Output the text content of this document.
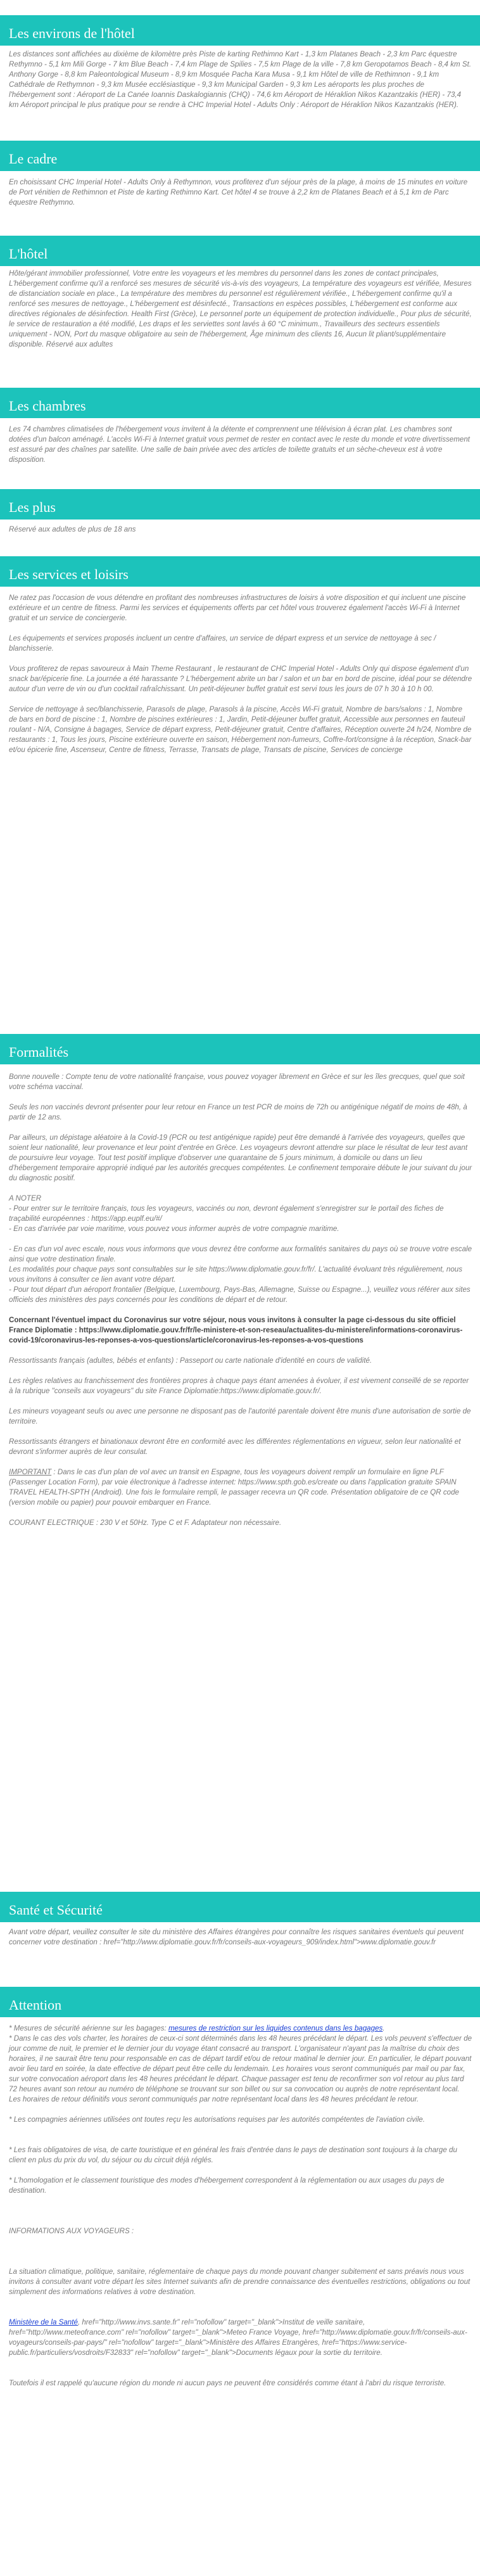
Les environs de l'hôtel

Les distances sont affichées au dixième de kilomètre près Piste de karting Rethimno Kart - 1,3 km Platanes Beach - 2,3 km Parc équestre Rethymno - 5,1 km Mili Gorge - 7 km Blue Beach - 7,4 km Plage de Spilies - 7,5 km Plage de la ville - 7,8 km Geropotamos Beach - 8,4 km St. Anthony Gorge - 8,8 km Paleontological Museum - 8,9 km Mosquée Pacha Kara Musa - 9,1 km Hôtel de ville de Rethimnon - 9,1 km Cathédrale de Rethymnon - 9,3 km Musée ecclésiastique - 9,3 km Municipal Garden - 9,3 km Les aéroports les plus proches de l'hébergement sont : Aéroport de La Canée Ioannis Daskalogiannis (CHQ) - 74,6 km Aéroport de Héraklion Nikos Kazantzakis (HER) - 73,4 km Aéroport principal le plus pratique pour se rendre à CHC Imperial Hotel - Adults Only : Aéroport de Héraklion Nikos Kazantzakis (HER).

Le cadre

En choisissant CHC Imperial Hotel - Adults Only à Rethymnon, vous profiterez d'un séjour près de la plage, à moins de 15 minutes en voiture de Port vénitien de Rethimnon et Piste de karting Rethimno Kart. Cet hôtel 4 se trouve à 2,2 km de Platanes Beach et à 5,1 km de Parc équestre Rethymno.

L'hôtel

Hôte/gérant immobilier professionnel, Votre entre les voyageurs et les membres du personnel dans les zones de contact principales, L'hébergement confirme qu'il a renforcé ses mesures de sécurité vis-à-vis des voyageurs, La température des voyageurs est vérifiée, Mesures de distanciation sociale en place., La température des membres du personnel est régulièrement vérifiée., L'hébergement confirme qu'il a renforcé ses mesures de nettoyage., L'hébergement est désinfecté., Transactions en espèces possibles, L'hébergement est conforme aux directives régionales de désinfection. Health First (Grèce), Le personnel porte un équipement de protection individuelle., Pour plus de sécurité, le service de restauration a été modifié, Les draps et les serviettes sont lavés à 60 °C minimum., Travailleurs des secteurs essentiels uniquement - NON, Port du masque obligatoire au sein de l'hébergement, Âge minimum des clients 16, Aucun lit pliant/supplémentaire disponible. Réservé aux adultes

Les chambres

Les 74 chambres climatisées de l'hébergement vous invitent à la détente et comprennent une télévision à écran plat. Les chambres sont dotées d'un balcon aménagé. L'accès Wi-Fi à Internet gratuit vous permet de rester en contact avec le reste du monde et votre divertissement est assuré par des chaînes par satellite. Une salle de bain privée avec des articles de toilette gratuits et un sèche-cheveux est à votre disposition.

Les plus

Réservé aux adultes de plus de 18 ans

Les services et loisirs

Ne ratez pas l'occasion de vous détendre en profitant des nombreuses infrastructures de loisirs à votre disposition et qui incluent une piscine extérieure et un centre de fitness. Parmi les services et équipements offerts par cet hôtel vous trouverez également l'accès Wi-Fi à Internet gratuit et un service de conciergerie.

Les équipements et services proposés incluent un centre d'affaires, un service de départ express et un service de nettoyage à sec / blanchisserie.

Vous profiterez de repas savoureux à Main Theme Restaurant , le restaurant de CHC Imperial Hotel - Adults Only qui dispose également d'un snack bar/épicerie fine. La journée a été harassante ? L'hébergement abrite un bar / salon et un bar en bord de piscine, idéal pour se détendre autour d'un verre de vin ou d'un cocktail rafraîchissant. Un petit-déjeuner buffet gratuit est servi tous les jours de 07 h 30 à 10 h 00.

Service de nettoyage à sec/blanchisserie, Parasols de plage, Parasols à la piscine, Accès Wi-Fi gratuit, Nombre de bars/salons : 1, Nombre de bars en bord de piscine : 1, Nombre de piscines extérieures : 1, Jardin, Petit-déjeuner buffet gratuit, Accessible aux personnes en fauteuil roulant - N/A, Consigne à bagages, Service de départ express, Petit-déjeuner gratuit, Centre d'affaires, Réception ouverte 24 h/24, Nombre de restaurants : 1, Tous les jours, Piscine extérieure ouverte en saison, Hébergement non-fumeurs, Coffre-fort/consigne à la réception, Snack-bar et/ou épicerie fine, Ascenseur, Centre de fitness, Terrasse, Transats de plage, Transats de piscine, Services de concierge

Formalités

Bonne nouvelle : Compte tenu de votre nationalité française, vous pouvez voyager librement en Grèce et sur les îles grecques, quel que soit votre schéma vaccinal.

Seuls les non vaccinés devront présenter pour leur retour en France un test PCR de moins de 72h ou antigénique négatif de moins de 48h, à partir de 12 ans.

Par ailleurs, un dépistage aléatoire à la Covid-19 (PCR ou test antigénique rapide) peut être demandé à l'arrivée des voyageurs, quelles que soient leur nationalité, leur provenance et leur point d'entrée en Grèce. Les voyageurs devront attendre sur place le résultat de leur test avant de poursuivre leur voyage. Tout test positif implique d'observer une quarantaine de 5 jours minimum, à domicile ou dans un lieu d'hébergement temporaire approprié indiqué par les autorités grecques compétentes. Le confinement temporaire débute le jour suivant du jour du diagnostic positif.

A NOTER

- Pour entrer sur le territoire français, tous les voyageurs, vaccinés ou non, devront également s'enregistrer sur le portail des fiches de traçabilité européennes : https://app.euplf.eu/#/

- En cas d'arrivée par voie maritime, vous pouvez vous informer auprès de votre compagnie maritime.

- En cas d'un vol avec escale, nous vous informons que vous devrez être conforme aux formalités sanitaires du pays où se trouve votre escale ainsi que votre destination finale.

Les modalités pour chaque pays sont consultables sur le site https://www.diplomatie.gouv.fr/fr/. L'actualité évoluant très régulièrement, nous vous invitons à consulter ce lien avant votre départ.

- Pour tout départ d'un aéroport frontalier (Belgique, Luxembourg, Pays-Bas, Allemagne, Suisse ou Espagne...), veuillez vous référer aux sites officiels des ministères des pays concernés pour les conditions de départ et de retour.

Concernant l'éventuel impact du Coronavirus sur votre séjour, nous vous invitons à consulter la page ci-dessous du site officiel France Diplomatie : https://www.diplomatie.gouv.fr/fr/le-ministere-et-son-reseau/actualites-du-ministere/informations-coronavirus-covid-19/coronavirus-les-reponses-a-vos-questions/article/coronavirus-les-reponses-a-vos-questions

Ressortissants français (adultes, bébés et enfants) : Passeport ou carte nationale d'identité en cours de validité.

Les règles relatives au franchissement des frontières propres à chaque pays étant amenées à évoluer, il est vivement conseillé de se reporter à la rubrique "conseils aux voyageurs" du site France Diplomatie:https://www.diplomatie.gouv.fr/.

Les mineurs voyageant seuls ou avec une personne ne disposant pas de l'autorité parentale doivent être munis d'une autorisation de sortie de territoire.

Ressortissants étrangers et binationaux devront être en conformité avec les différentes réglementations en vigueur, selon leur nationalité et devront s'informer auprès de leur consulat.

IMPORTANT : Dans le cas d'un plan de vol avec un transit en Espagne, tous les voyageurs doivent remplir un formulaire en ligne PLF (Passenger Location Form), par voie électronique à l'adresse internet: https://www.spth.gob.es/create ou dans l'application gratuite SPAIN TRAVEL HEALTH-SPTH (Android). Une fois le formulaire rempli, le passager recevra un QR code. Présentation obligatoire de ce QR code (version mobile ou papier) pour pouvoir embarquer en France.

COURANT ELECTRIQUE : 230 V et 50Hz. Type C et F. Adaptateur non nécessaire.

Santé et Sécurité

Avant votre départ, veuillez consulter le site du ministère des Affaires étrangères pour connaître les risques sanitaires éventuels qui peuvent concerner votre destination : href="http://www.diplomatie.gouv.fr/fr/conseils-aux-voyageurs_909/index.html">www.diplomatie.gouv.fr

Attention

* Mesures de sécurité aérienne sur les bagages: mesures de restriction sur les liquides contenus dans les bagages.

* Dans le cas des vols charter, les horaires de ceux-ci sont déterminés dans les 48 heures précédant le départ. Les vols peuvent s'effectuer de jour comme de nuit, le premier et le dernier jour du voyage étant consacré au transport. L'organisateur n'ayant pas la maîtrise du choix des horaires, il ne saurait être tenu pour responsable en cas de départ tardif et/ou de retour matinal le dernier jour. En particulier, le départ pouvant avoir lieu tard en soirée, la date effective de départ peut être celle du lendemain. Les horaires vous seront communiqués par mail ou par fax, sur votre convocation aéroport dans les 48 heures précédant le départ. Chaque passager est tenu de reconfirmer son vol retour au plus tard 72 heures avant son retour au numéro de téléphone se trouvant sur son billet ou sur sa convocation ou auprès de notre représentant local. Les horaires de retour définitifs vous seront communiqués par notre représentant local dans les 48 heures précédant le retour.

* Les compagnies aériennes utilisées ont toutes reçu les autorisations requises par les autorités compétentes de l'aviation civile.

* Les frais obligatoires de visa, de carte touristique et en général les frais d'entrée dans le pays de destination sont toujours à la charge du client en plus du prix du vol, du séjour ou du circuit déjà réglés.

* L'homologation et le classement touristique des modes d'hébergement correspondent à la réglementation ou aux usages du pays de destination.

INFORMATIONS AUX VOYAGEURS :

La situation climatique, politique, sanitaire, réglementaire de chaque pays du monde pouvant changer subitement et sans préavis nous vous invitons à consulter avant votre départ les sites Internet suivants afin de prendre connaissance des éventuelles restrictions, obligations ou tout simplement des informations relatives à votre destination.

Ministère de la Santé, href="http://www.invs.sante.fr" rel="nofollow" target="_blank">Institut de veille sanitaire, href="http://www.meteofrance.com" rel="nofollow" target="_blank">Meteo France Voyage, href="http://www.diplomatie.gouv.fr/fr/conseils-aux-voyageurs/conseils-par-pays/" rel="nofollow" target="_blank">Ministère des Affaires Etrangères, href="https://www.service-public.fr/particuliers/vosdroits/F32833" rel="nofollow" target="_blank">Documents légaux pour la sortie du territoire.

Toutefois il est rappelé qu'aucune région du monde ni aucun pays ne peuvent être considérés comme étant à l'abri du risque terroriste.
